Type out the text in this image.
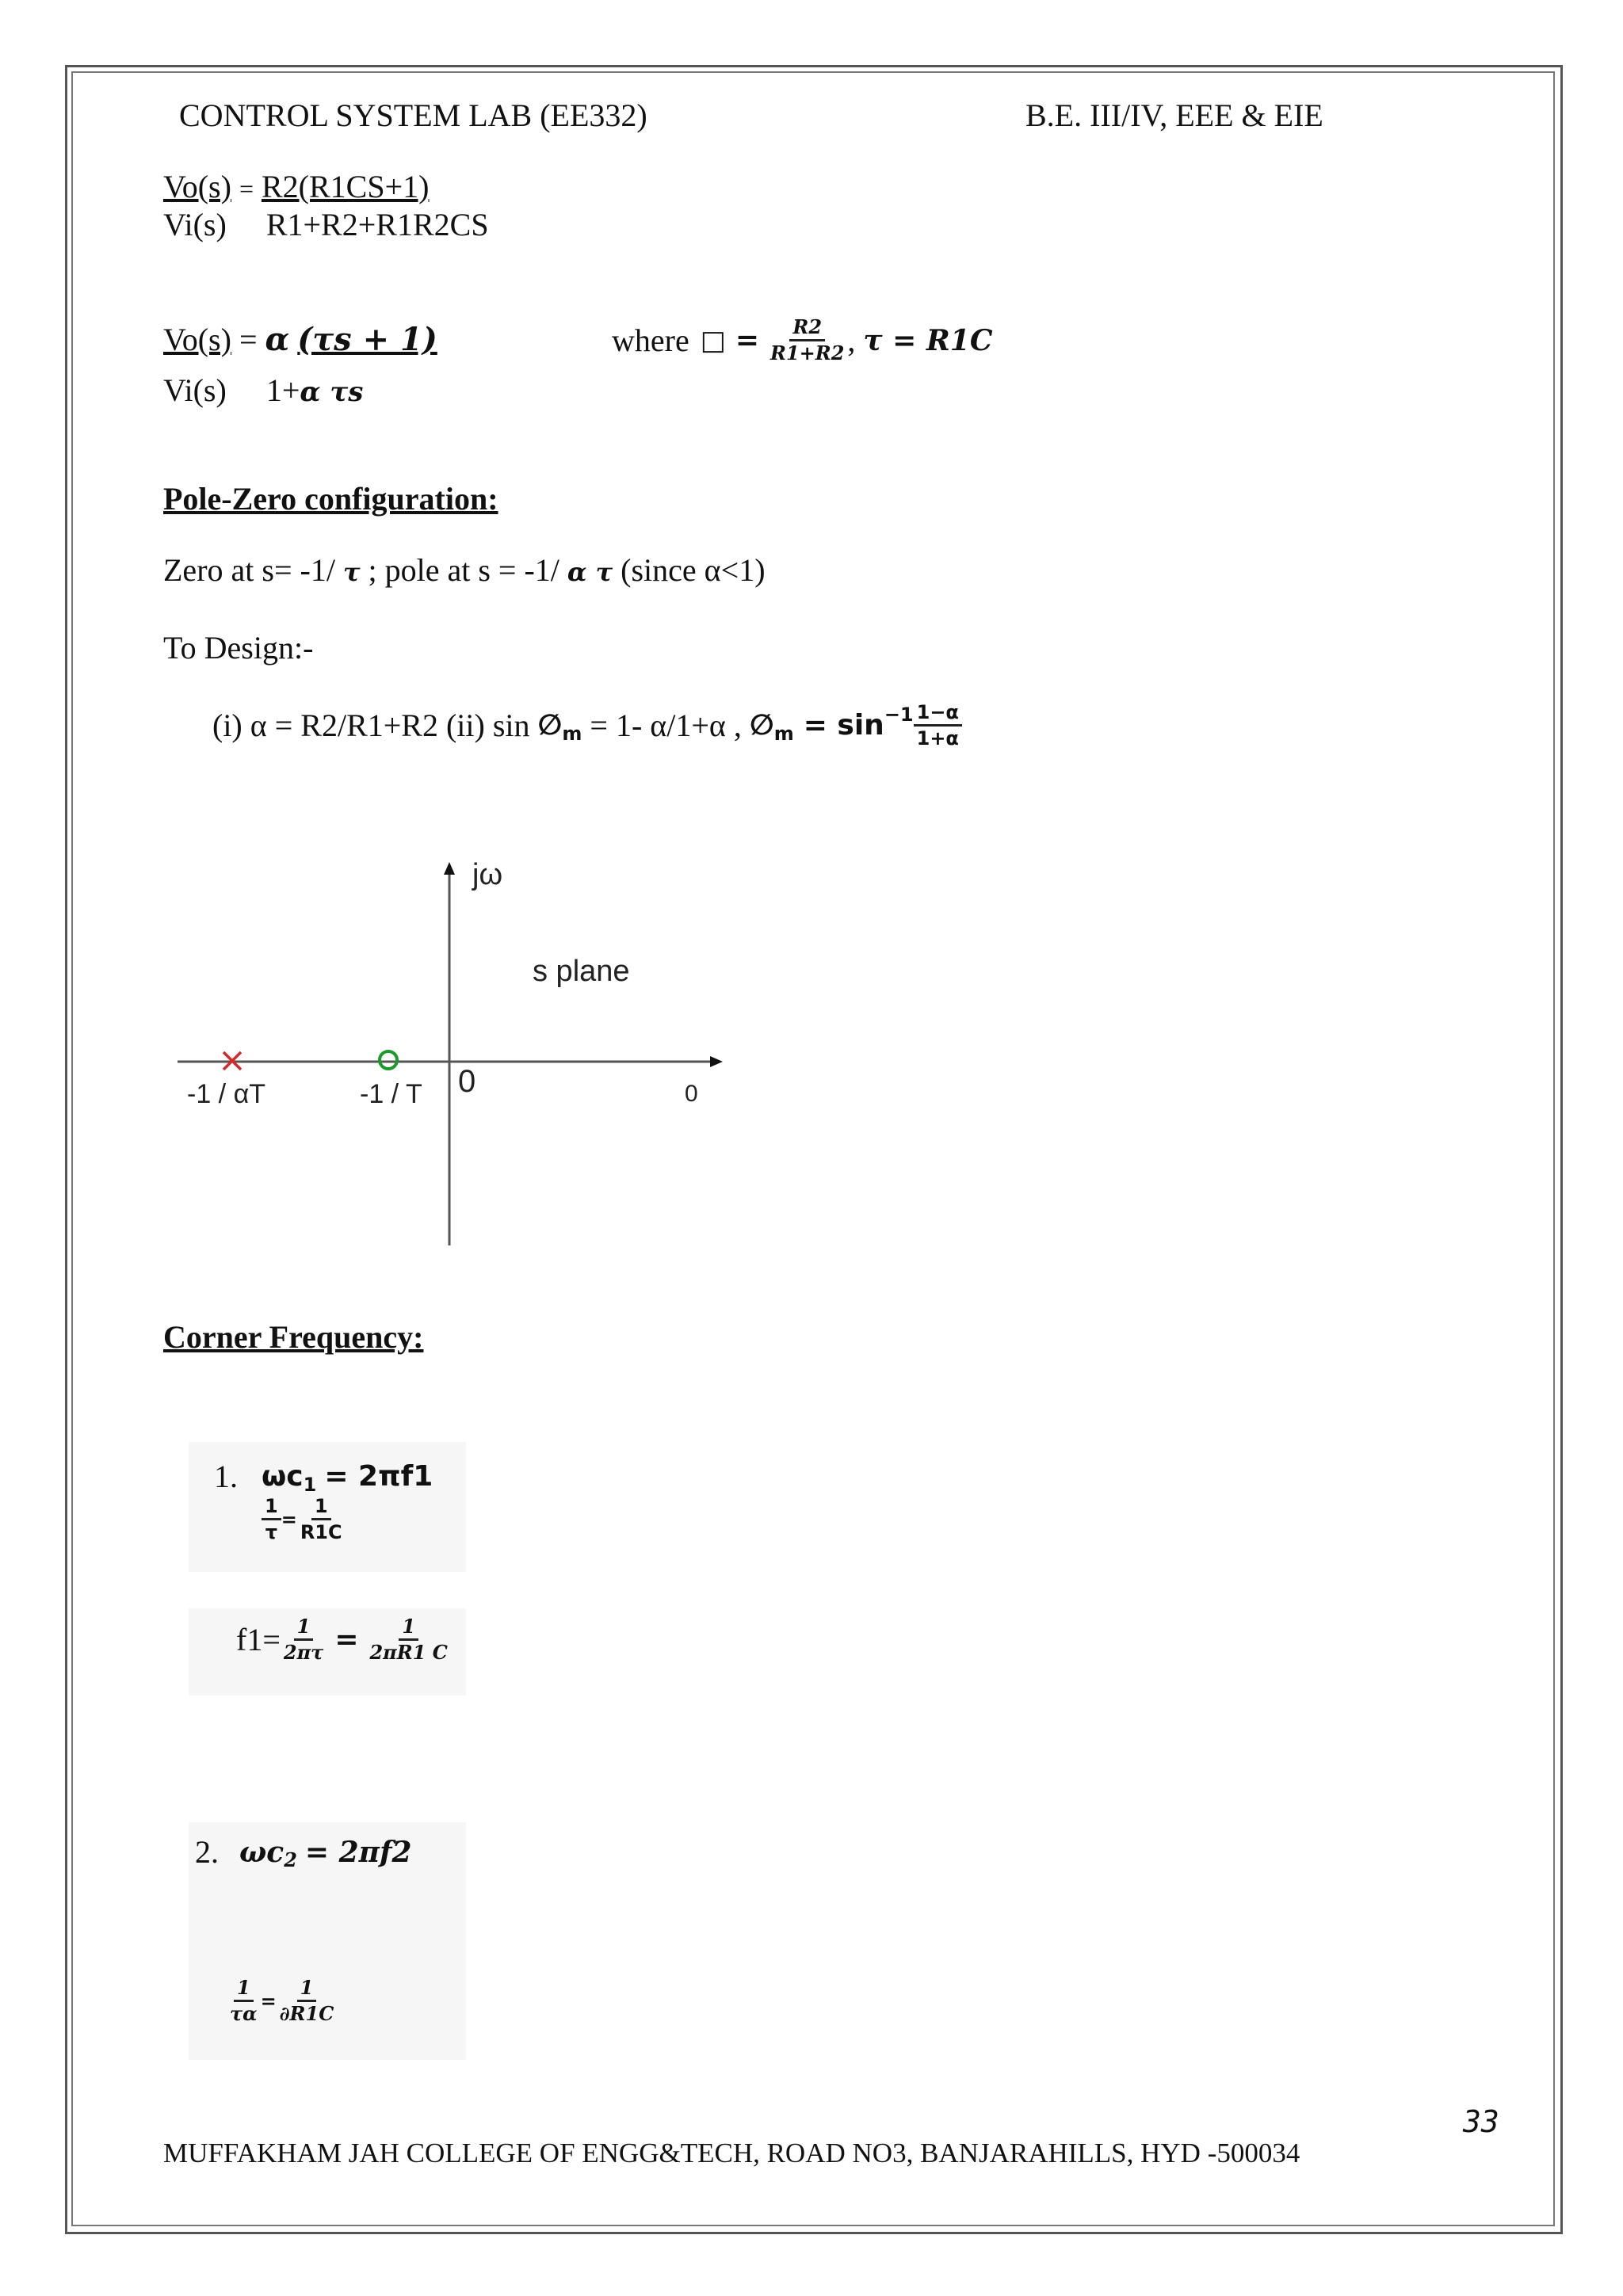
CONTROL SYSTEM LAB (EE332)	B.E. III/IV, EEE & EIE
Vo(s) = R2(R1CS+1)
Vi(s) R1+R2+R1R2CS
Vo(s) = α (τs + 1)
Vi(s) 1+α τs
where □ = $\frac{R2}{R1+R2}$ , τ = R1C
Pole-Zero configuration:
Zero at s= -1/ τ ; pole at s = -1/ α τ (since α<1)
To Design:-
(i) α = R2/R1+R2 (ii) sin ∅ m = 1- α/1+α , ∅ $m = \sin -1 \frac{1-\alpha}{1+\alpha}$
jω
s plane
0	0
-1 / αT	-1 / T
Corner Frequency:
1. ωc 1 = 2πf1
$\frac{1}{\tau} = \frac{1}{R1C}$
$f1= \frac{1}{2\pi\tau} = \frac{1}{2\pi R1 C}$
2. ωc 2 = 2πf2
$\frac{1}{\tau\alpha} = \frac{1}{\partial R1C}$
33
MUFFAKHAM JAH COLLEGE OF ENGG&TECH, ROAD NO3, BANJARAHILLS, HYD -500034
